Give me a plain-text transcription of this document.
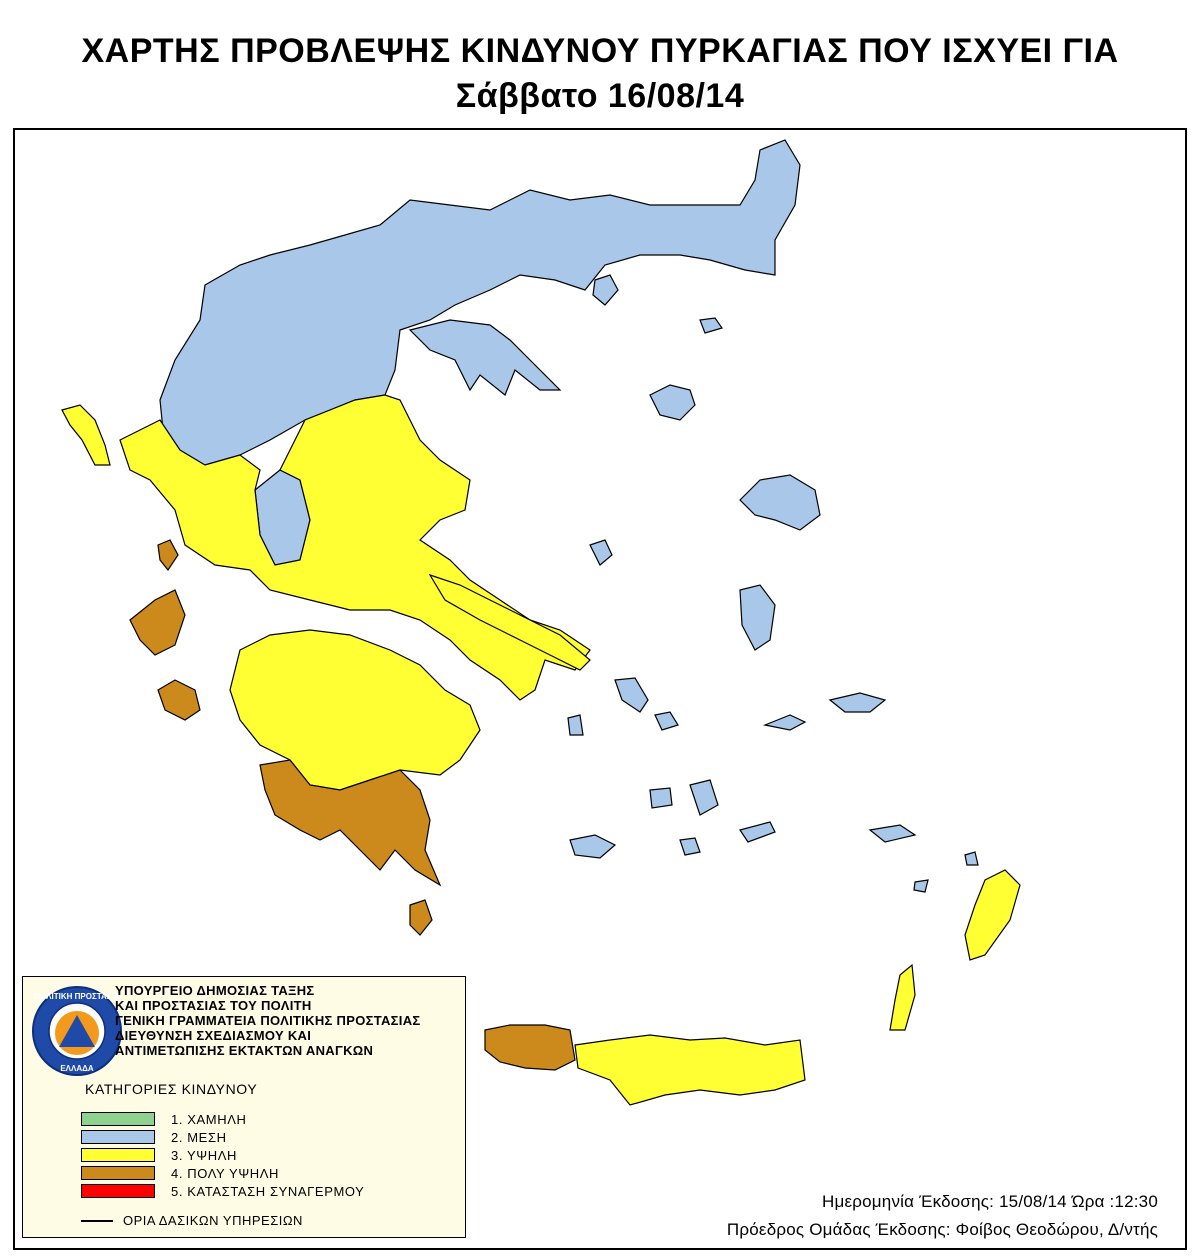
ΧΑΡΤΗΣ ΠΡΟΒΛΕΨΗΣ ΚΙΝΔΥΝΟΥ ΠΥΡΚΑΓΙΑΣ ΠΟΥ ΙΣΧΥΕΙ ΓΙΑ
Σάββατο 16/08/14
ΠΟΛΙΤΙΚΗ ΠΡΟΣΤΑΣΙΑ
ΕΛΛΑΔΑ
ΥΠΟΥΡΓΕΙΟ ΔΗΜΟΣΙΑΣ ΤΑΞΗΣ
ΚΑΙ ΠΡΟΣΤΑΣΙΑΣ ΤΟΥ ΠΟΛΙΤΗ
ΓΕΝΙΚΗ ΓΡΑΜΜΑΤΕΙΑ ΠΟΛΙΤΙΚΗΣ ΠΡΟΣΤΑΣΙΑΣ
ΔΙΕΥΘΥΝΣΗ ΣΧΕΔΙΑΣΜΟΥ ΚΑΙ
ΑΝΤΙΜΕΤΩΠΙΣΗΣ ΕΚΤΑΚΤΩΝ ΑΝΑΓΚΩΝ
ΚΑΤΗΓΟΡΙΕΣ ΚΙΝΔΥΝΟΥ
1. ΧΑΜΗΛΗ
2. ΜΕΣΗ
3. ΥΨΗΛΗ
4. ΠΟΛΥ ΥΨΗΛΗ
5. ΚΑΤΑΣΤΑΣΗ ΣΥΝΑΓΕΡΜΟΥ
ΟΡΙΑ ΔΑΣΙΚΩΝ ΥΠΗΡΕΣΙΩΝ
Ημερομηνία Έκδοσης: 15/08/14 Ώρα :12:30
Πρόεδρος Ομάδας Έκδοσης: Φοίβος Θεοδώρου, Δ/ντής
